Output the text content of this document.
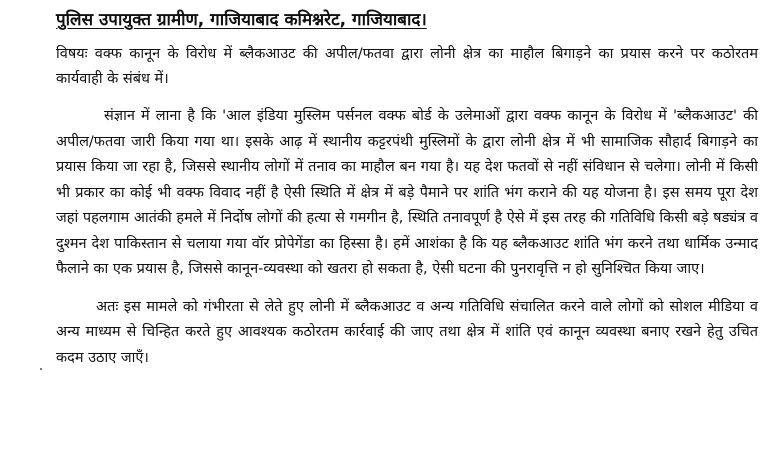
पुलिस उपायुक्त ग्रामीण, गाजियाबाद कमिश्नरेट, गाजियाबाद।

विषयः वक्फ कानून के विरोध में ब्लैकआउट की अपील/फतवा द्वारा लोनी क्षेत्र का माहौल बिगाड़ने का प्रयास करने पर कठोरतम कार्यवाही के संबंध में।

संज्ञान में लाना है कि 'आल इंडिया मुस्लिम पर्सनल वक्फ बोर्ड के उलेमाओं द्वारा वक्फ कानून के विरोध में 'ब्लैकआउट' की अपील/फतवा जारी किया गया था। इसके आढ़ में स्थानीय कट्टरपंथी मुस्लिमों के द्वारा लोनी क्षेत्र में भी सामाजिक सौहार्द बिगाड़ने का प्रयास किया जा रहा है, जिससे स्थानीय लोगों में तनाव का माहौल बन गया है। यह देश फतवों से नहीं संविधान से चलेगा। लोनी में किसी भी प्रकार का कोई भी वक्फ विवाद नहीं है ऐसी स्थिति में क्षेत्र में बड़े पैमाने पर शांति भंग कराने की यह योजना है। इस समय पूरा देश जहां पहलगाम आतंकी हमले में निर्दोष लोगों की हत्या से गमगीन है, स्थिति तनावपूर्ण है ऐसे में इस तरह की गतिविधि किसी बड़े षड्यंत्र व दुश्मन देश पाकिस्तान से चलाया गया वॉर प्रोपेगेंडा का हिस्सा है। हमें आशंका है कि यह ब्लैकआउट शांति भंग करने तथा धार्मिक उन्माद फैलाने का एक प्रयास है, जिससे कानून-व्यवस्था को खतरा हो सकता है, ऐसी घटना की पुनरावृत्ति न हो सुनिश्चित किया जाए।

अतः इस मामले को गंभीरता से लेते हुए लोनी में ब्लैकआउट व अन्य गतिविधि संचालित करने वाले लोगों को सोशल मीडिया व अन्य माध्यम से चिन्हित करते हुए आवश्यक कठोरतम कार्रवाई की जाए तथा क्षेत्र में शांति एवं कानून व्यवस्था बनाए रखने हेतु उचित कदम उठाए जाएँ।
